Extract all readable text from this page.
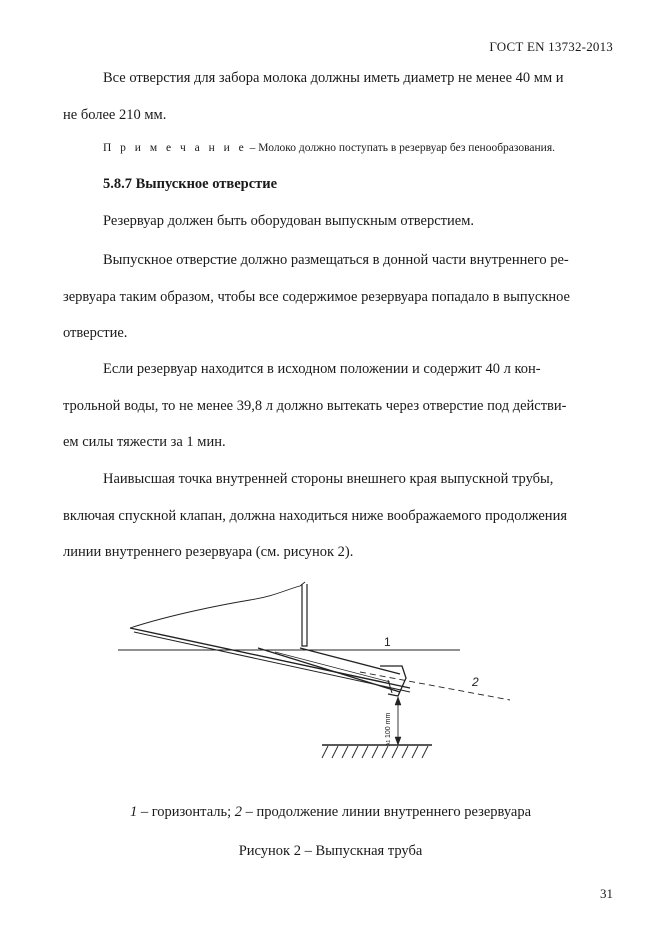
ГОСТ EN 13732-2013
Все отверстия для забора молока должны иметь диаметр не менее 40 мм и
не более 210 мм.
П р и м е ч а н и е – Молоко должно поступать в резервуар без пенообразования.
5.8.7 Выпускное отверстие
Резервуар должен быть оборудован выпускным отверстием.
Выпускное отверстие должно размещаться в донной части внутреннего ре-
зервуара таким образом, чтобы все содержимое резервуара попадало в выпускное
отверстие.
Если резервуар находится в исходном положении и содержит 40 л кон-
трольной воды, то не менее 39,8 л должно вытекать через отверстие под действи-
ем силы тяжести за 1 мин.
Наивысшая точка внутренней стороны внешнего края выпускной трубы,
включая спускной клапан, должна находиться ниже воображаемого продолжения
линии внутреннего резервуара (см. рисунок 2).
1
2
100 mm
A1
1 – горизонталь; 2 – продолжение линии внутреннего резервуара
Рисунок 2 – Выпускная труба
31
